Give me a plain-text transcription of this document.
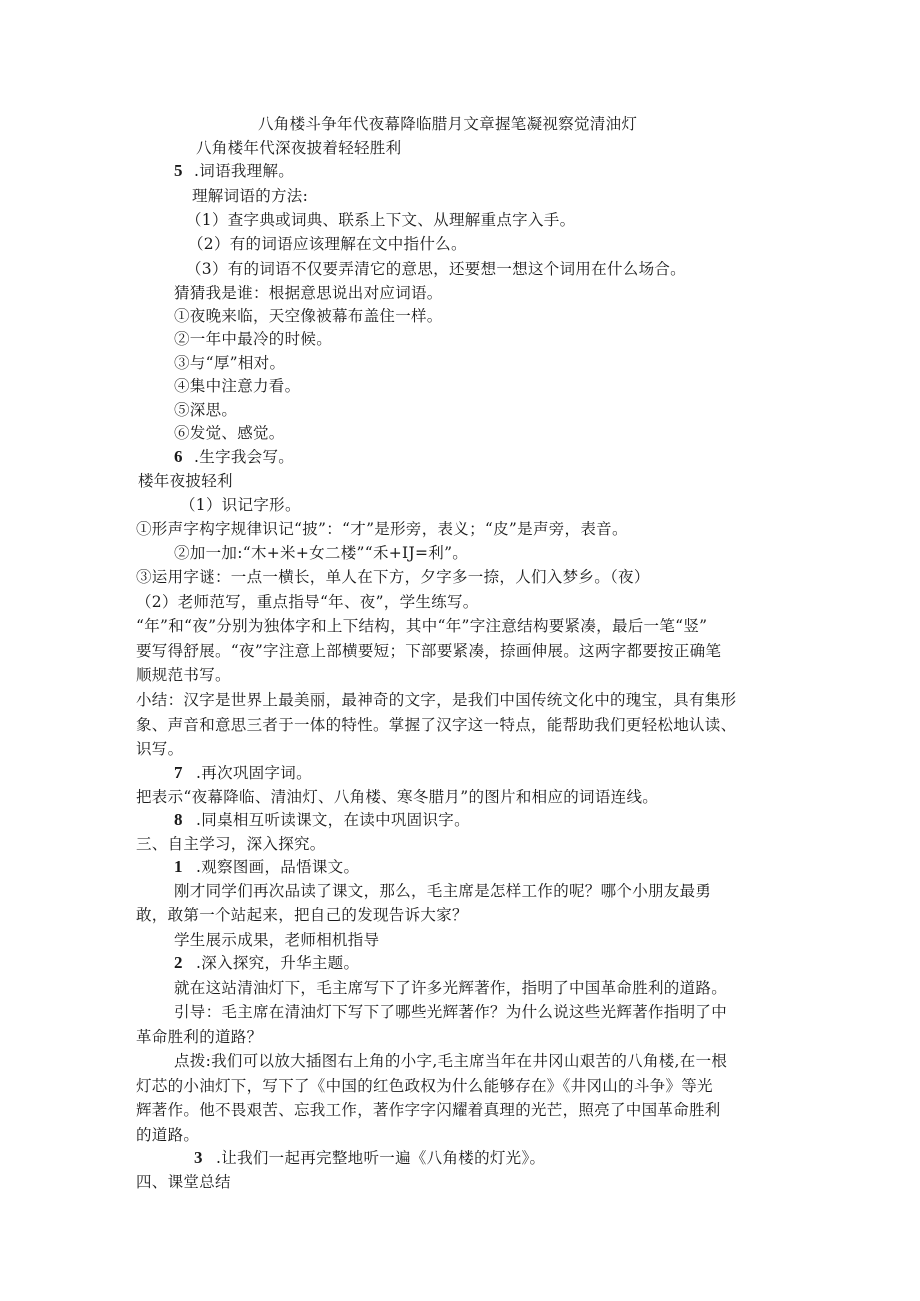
八角楼斗争年代夜幕降临腊月文章握笔凝视察觉清油灯
八角楼年代深夜披着轻轻胜利
5 .词语我理解。
理解词语的方法:
（1）查字典或词典、联系上下文、从理解重点字入手。
（2）有的词语应该理解在文中指什么。
（3）有的词语不仅要弄清它的意思，还要想一想这个词用在什么场合。
猜猜我是谁：根据意思说出对应词语。
①夜晚来临，天空像被幕布盖住一样。
②一年中最冷的时候。
③与“厚”相对。
④集中注意力看。
⑤深思。
⑥发觉、感觉。
6 .生字我会写。
楼年夜披轻利
（1）识记字形。
①形声字构字规律识记“披”：“才”是形旁，表义；“皮”是声旁，表音。
②加一加:“木+米+女二楼”“禾+IJ=利”。
③运用字谜：一点一横长，单人在下方，夕字多一捺，人们入梦乡。（夜）
（2）老师范写，重点指导“年、夜”，学生练写。
“年”和“夜”分别为独体字和上下结构，其中“年”字注意结构要紧凑，最后一笔“竖”
要写得舒展。“夜”字注意上部横要短；下部要紧凑，捺画伸展。这两字都要按正确笔
顺规范书写。
小结：汉字是世界上最美丽，最神奇的文字，是我们中国传统文化中的瑰宝，具有集形
象、声音和意思三者于一体的特性。掌握了汉字这一特点，能帮助我们更轻松地认读、
识写。
7 .再次巩固字词。
把表示“夜幕降临、清油灯、八角楼、寒冬腊月”的图片和相应的词语连线。
8 .同桌相互听读课文，在读中巩固识字。
三、自主学习，深入探究。
1 .观察图画，品悟课文。
刚才同学们再次品读了课文，那么，毛主席是怎样工作的呢？哪个小朋友最勇
敢，敢第一个站起来，把自己的发现告诉大家？
学生展示成果，老师相机指导
2 .深入探究，升华主题。
就在这站清油灯下，毛主席写下了许多光辉著作，指明了中国革命胜利的道路。
引导：毛主席在清油灯下写下了哪些光辉著作？为什么说这些光辉著作指明了中
革命胜利的道路？
点拨:我们可以放大插图右上角的小字,毛主席当年在井冈山艰苦的八角楼,在一根
灯芯的小油灯下，写下了《中国的红色政权为什么能够存在》《井冈山的斗争》等光
辉著作。他不畏艰苦、忘我工作，著作字字闪耀着真理的光芒，照亮了中国革命胜利
的道路。
3 .让我们一起再完整地听一遍《八角楼的灯光》。
四、课堂总结
